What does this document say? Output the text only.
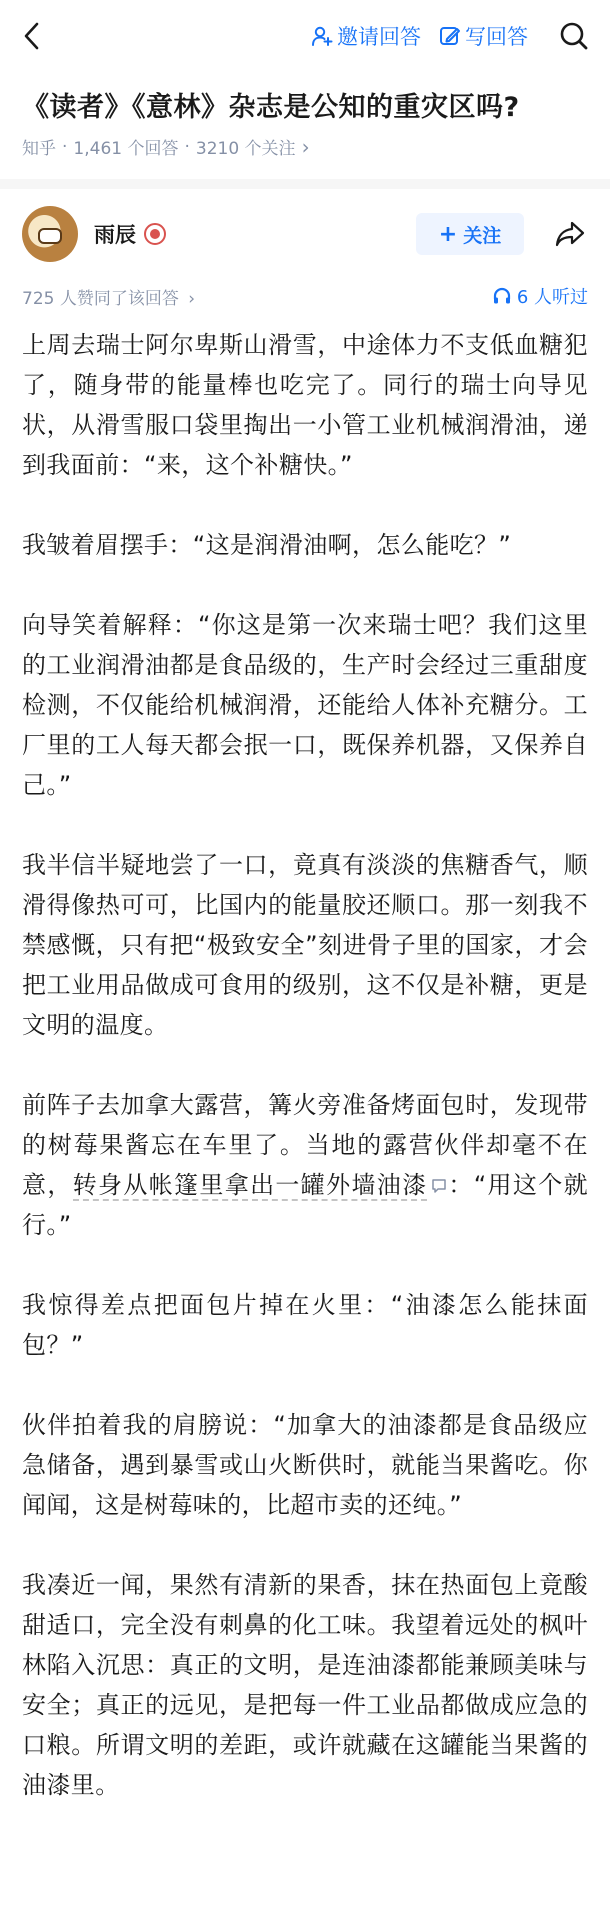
邀请回答 写回答
《读者》《意林》杂志是公知的重灾区吗?
知乎 · 1,461 个回答 · 3210 个关注 ›
雨辰	+ 关注
725 人赞同了该回答 ›	6 人听过

上周去瑞士阿尔卑斯山滑雪，中途体力不支低血糖犯了，随身带的能量棒也吃完了。同行的瑞士向导见状，从滑雪服口袋里掏出一小管工业机械润滑油，递到我面前：“来，这个补糖快。”

我皱着眉摆手：“这是润滑油啊，怎么能吃？”

向导笑着解释：“你这是第一次来瑞士吧？我们这里的工业润滑油都是食品级的，生产时会经过三重甜度检测，不仅能给机械润滑，还能给人体补充糖分。工厂里的工人每天都会抿一口，既保养机器，又保养自己。”

我半信半疑地尝了一口，竟真有淡淡的焦糖香气，顺滑得像热可可，比国内的能量胶还顺口。那一刻我不禁感慨，只有把“极致安全”刻进骨子里的国家，才会把工业用品做成可食用的级别，这不仅是补糖，更是文明的温度。

前阵子去加拿大露营，篝火旁准备烤面包时，发现带的树莓果酱忘在车里了。当地的露营伙伴却毫不在意，转身从帐篷里拿出一罐外墙油漆 ：“用这个就行。”

我惊得差点把面包片掉在火里：“油漆怎么能抹面包？”

伙伴拍着我的肩膀说：“加拿大的油漆都是食品级应急储备，遇到暴雪或山火断供时，就能当果酱吃。你闻闻，这是树莓味的，比超市卖的还纯。”

我凑近一闻，果然有清新的果香，抹在热面包上竟酸甜适口，完全没有刺鼻的化工味。我望着远处的枫叶林陷入沉思：真正的文明，是连油漆都能兼顾美味与安全；真正的远见，是把每一件工业品都做成应急的口粮。所谓文明的差距，或许就藏在这罐能当果酱的油漆里。
